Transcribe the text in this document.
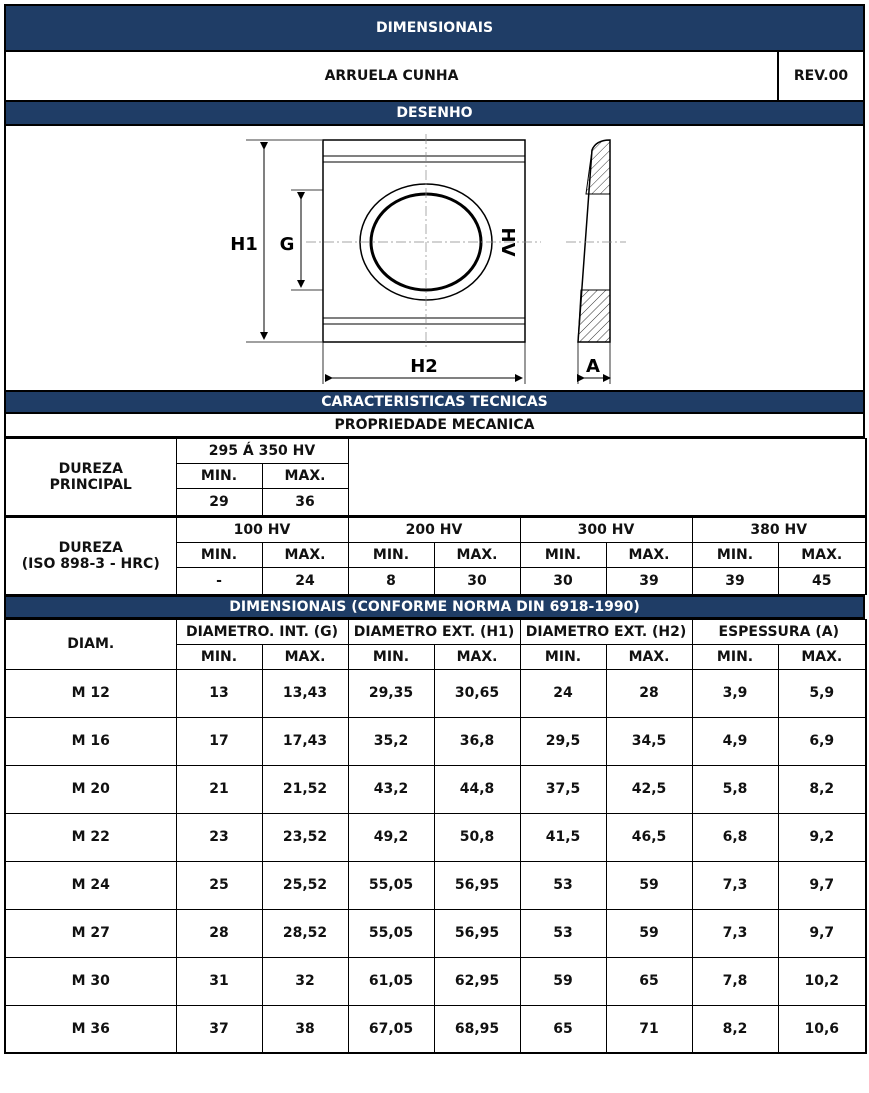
DIMENSIONAIS
ARRUELA CUNHA	REV.00
DESENHO
H1 G	HV
H2	A
CARACTERISTICAS TECNICAS
PROPRIEDADE MECANICA
DUREZA
PRINCIPAL	295 Á 350 HV		
	MIN.	MAX.	
	29	36	
DUREZA
(ISO 898-3 - HRC)	100 HV		200 HV		300 HV		380 HV	
	MIN.	MAX.	MIN.	MAX.	MIN.	MAX.	MIN.	MAX.
	-	24	8	30	30	39	39	45
DIMENSIONAIS (CONFORME NORMA DIN 6918-1990)
DIAM.	DIAMETRO. INT. (G)		DIAMETRO EXT. (H1)		DIAMETRO EXT. (H2)		ESPESSURA (A)	
	MIN.	MAX.	MIN.	MAX.	MIN.	MAX.	MIN.	MAX.
M 12	13	13,43	29,35	30,65	24	28	3,9	5,9
M 16	17	17,43	35,2	36,8	29,5	34,5	4,9	6,9
M 20	21	21,52	43,2	44,8	37,5	42,5	5,8	8,2
M 22	23	23,52	49,2	50,8	41,5	46,5	6,8	9,2
M 24	25	25,52	55,05	56,95	53	59	7,3	9,7
M 27	28	28,52	55,05	56,95	53	59	7,3	9,7
M 30	31	32	61,05	62,95	59	65	7,8	10,2
M 36	37	38	67,05	68,95	65	71	8,2	10,6
